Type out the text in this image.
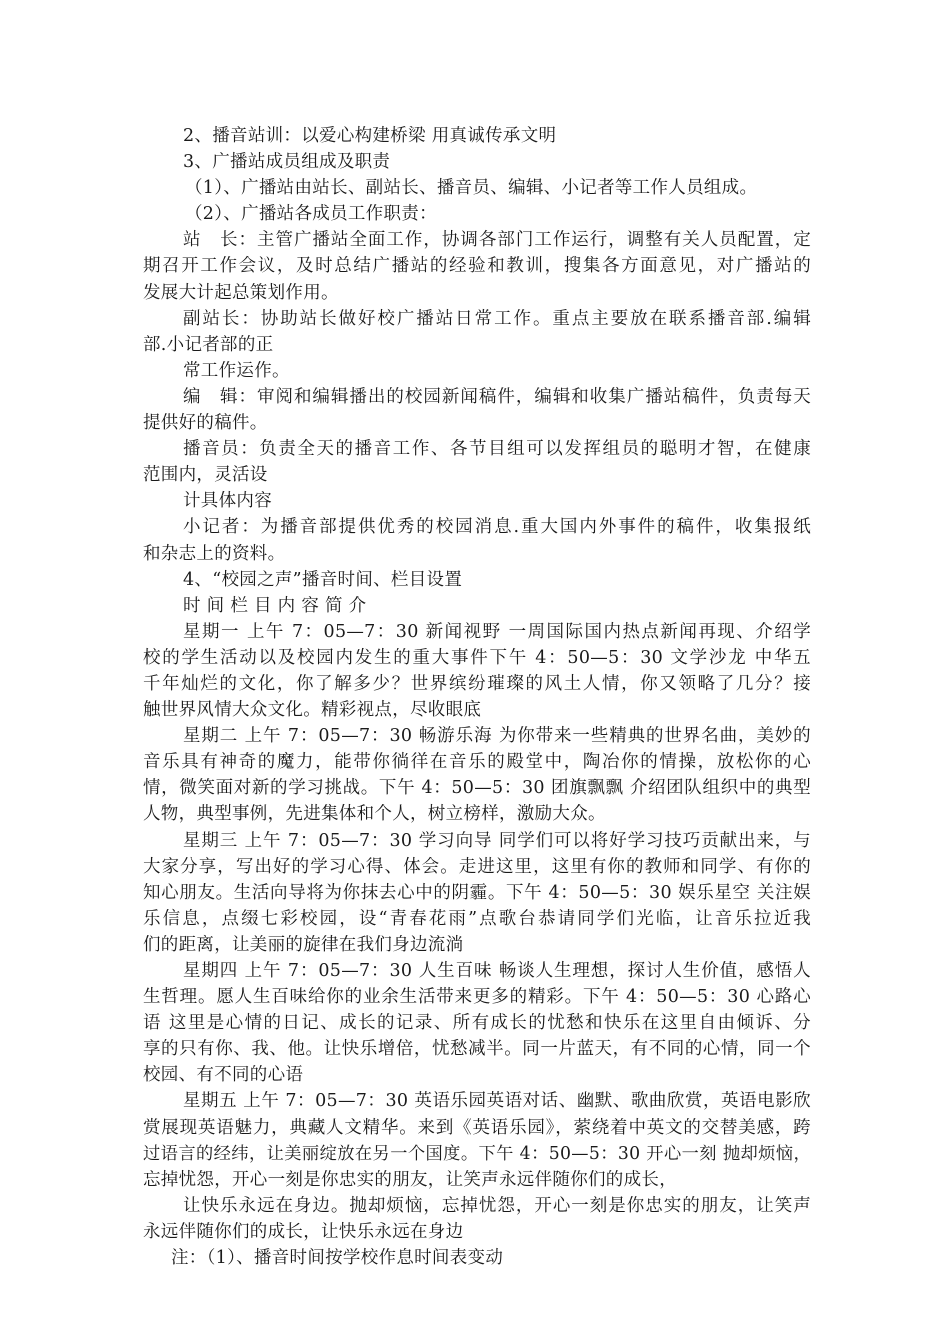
2、播音站训：以爱心构建桥梁 用真诚传承文明
3、广播站成员组成及职责
（1）、广播站由站长、副站长、播音员、编辑、小记者等工作人员组成。
（2）、广播站各成员工作职责：
站　长：主管广播站全面工作，协调各部门工作运行，调整有关人员配置，定
期召开工作会议，及时总结广播站的经验和教训，搜集各方面意见，对广播站的
发展大计起总策划作用。
副站长：协助站长做好校广播站日常工作。重点主要放在联系播音部.编辑
部.小记者部的正
常工作运作。
编　辑：审阅和编辑播出的校园新闻稿件，编辑和收集广播站稿件，负责每天
提供好的稿件。
播音员：负责全天的播音工作、各节目组可以发挥组员的聪明才智，在健康
范围内，灵活设
计具体内容
小记者：为播音部提供优秀的校园消息.重大国内外事件的稿件，收集报纸
和杂志上的资料。
4、“校园之声”播音时间、栏目设置
时 间 栏 目 内 容 简 介
星期一 上午 7：05—7：30 新闻视野 一周国际国内热点新闻再现、介绍学
校的学生活动以及校园内发生的重大事件下午 4：50—5：30 文学沙龙 中华五
千年灿烂的文化，你了解多少？世界缤纷璀璨的风土人情，你又领略了几分？接
触世界风情大众文化。精彩视点，尽收眼底
星期二 上午 7：05—7：30 畅游乐海 为你带来一些精典的世界名曲，美妙的
音乐具有神奇的魔力，能带你徜徉在音乐的殿堂中，陶冶你的情操，放松你的心
情，微笑面对新的学习挑战。下午 4：50—5：30 团旗飘飘 介绍团队组织中的典型
人物，典型事例，先进集体和个人，树立榜样，激励大众。
星期三 上午 7：05—7：30 学习向导 同学们可以将好学习技巧贡献出来，与
大家分享，写出好的学习心得、体会。走进这里，这里有你的教师和同学、有你的
知心朋友。生活向导将为你抹去心中的阴霾。下午 4：50—5：30 娱乐星空 关注娱
乐信息，点缀七彩校园，设“青春花雨”点歌台恭请同学们光临，让音乐拉近我
们的距离，让美丽的旋律在我们身边流淌
星期四 上午 7：05—7：30 人生百味 畅谈人生理想，探讨人生价值，感悟人
生哲理。愿人生百味给你的业余生活带来更多的精彩。下午 4：50—5：30 心路心
语 这里是心情的日记、成长的记录、所有成长的忧愁和快乐在这里自由倾诉、分
享的只有你、我、他。让快乐增倍，忧愁减半。同一片蓝天，有不同的心情，同一个
校园、有不同的心语
星期五 上午 7：05—7：30 英语乐园英语对话、幽默、歌曲欣赏，英语电影欣
赏展现英语魅力，典藏人文精华。来到《英语乐园》，萦绕着中英文的交替美感，跨
过语言的经纬，让美丽绽放在另一个国度。下午 4：50—5：30 开心一刻 抛却烦恼，
忘掉忧怨，开心一刻是你忠实的朋友，让笑声永远伴随你们的成长，
让快乐永远在身边。抛却烦恼，忘掉忧怨，开心一刻是你忠实的朋友，让笑声
永远伴随你们的成长，让快乐永远在身边
注：（1）、播音时间按学校作息时间表变动
